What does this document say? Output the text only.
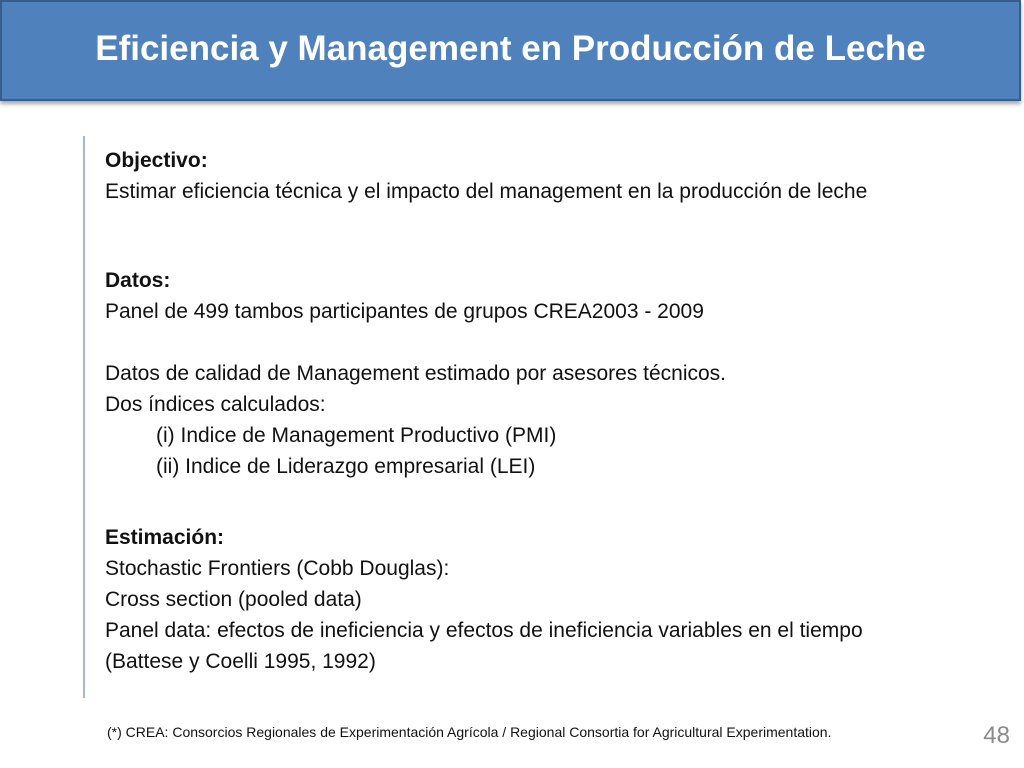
Eficiencia y Management en Producción de Leche

Objectivo:

Estimar eficiencia técnica y el impacto del management en la producción de leche

Datos:

Panel de 499 tambos participantes de grupos CREA2003 - 2009

Datos de calidad de Management estimado por asesores técnicos.

Dos índices calculados:

(i) Indice de Management Productivo (PMI)

(ii) Indice de Liderazgo empresarial (LEI)

Estimación:

Stochastic Frontiers (Cobb Douglas):

Cross section (pooled data)

Panel data: efectos de ineficiencia y efectos de ineficiencia variables en el tiempo

(Battese y Coelli 1995, 1992)

(*) CREA: Consorcios Regionales de Experimentación Agrícola / Regional Consortia for Agricultural Experimentation.	48
